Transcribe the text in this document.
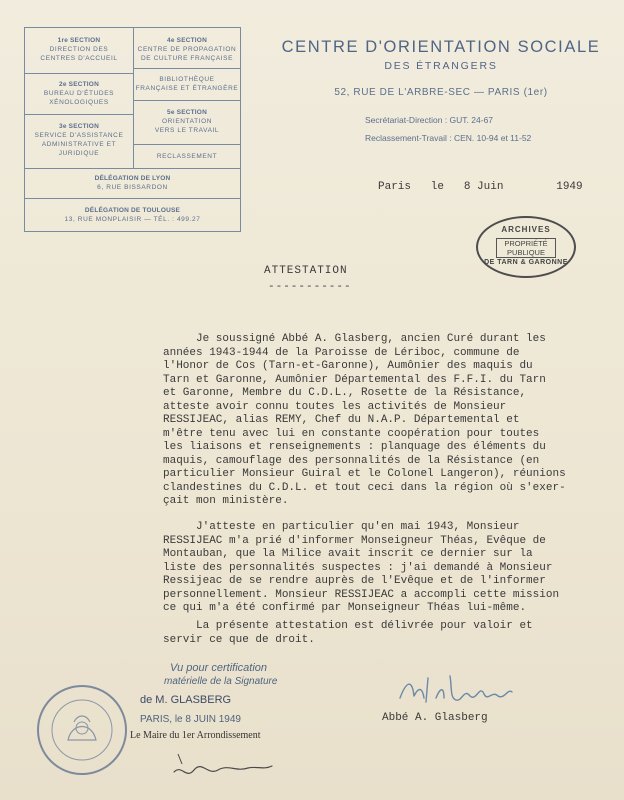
1re SECTION
DIRECTION DES
CENTRES D'ACCUEIL
2e SECTION
BUREAU D'ÉTUDES
XÉNOLOGIQUES
3e SECTION
SERVICE D'ASSISTANCE
ADMINISTRATIVE ET
JURIDIQUE
4e SECTION
CENTRE DE PROPAGATION
DE CULTURE FRANÇAISE
BIBLIOTHÈQUE
FRANÇAISE ET ÉTRANGÈRE
5e SECTION
ORIENTATION
VERS LE TRAVAIL
RECLASSEMENT
DÉLÉGATION DE LYON
6, RUE BISSARDON
DÉLÉGATION DE TOULOUSE
13, RUE MONPLAISIR — TÉL. : 499.27
CENTRE D'ORIENTATION SOCIALE
DES ÉTRANGERS
52, RUE DE L'ARBRE-SEC — PARIS (1er)
Secrétariat-Direction : GUT. 24-67
Reclassement-Travail : CEN. 10-94 et 11-52
Paris   le   8 Juin        1949
ARCHIVES
PROPRIÉTÉ PUBLIQUE
DE TARN & GARONNE
ATTESTATION
-----------
Je soussigné Abbé A. Glasberg, ancien Curé durant les
années 1943-1944 de la Paroisse de Lériboc, commune de
l'Honor de Cos (Tarn-et-Garonne), Aumônier des maquis du
Tarn et Garonne, Aumônier Départemental des F.F.I. du Tarn
et Garonne, Membre du C.D.L., Rosette de la Résistance,
atteste avoir connu toutes les activités de Monsieur
RESSIJEAC, alias REMY, Chef du N.A.P. Départemental et
m'être tenu avec lui en constante coopération pour toutes
les liaisons et renseignements : planquage des éléments du
maquis, camouflage des personnalités de la Résistance (en
particulier Monsieur Guiral et le Colonel Langeron), réunions
clandestines du C.D.L. et tout ceci dans la région où s'exer-
çait mon ministère.
J'atteste en particulier qu'en mai 1943, Monsieur
RESSIJEAC m'a prié d'informer Monseigneur Théas, Evêque de
Montauban, que la Milice avait inscrit ce dernier sur la
liste des personnalités suspectes : j'ai demandé à Monsieur
Ressijeac de se rendre auprès de l'Evêque et de l'informer
personnellement. Monsieur RESSIJEAC a accompli cette mission
ce qui m'a été confirmé par Monseigneur Théas lui-même.
La présente attestation est délivrée pour valoir et
servir ce que de droit.
Abbé A. Glasberg
Vu pour certification
matérielle de la Signature
de M. GLASBERG
PARIS, le 8 JUIN 1949
Le Maire du 1er Arrondissement
